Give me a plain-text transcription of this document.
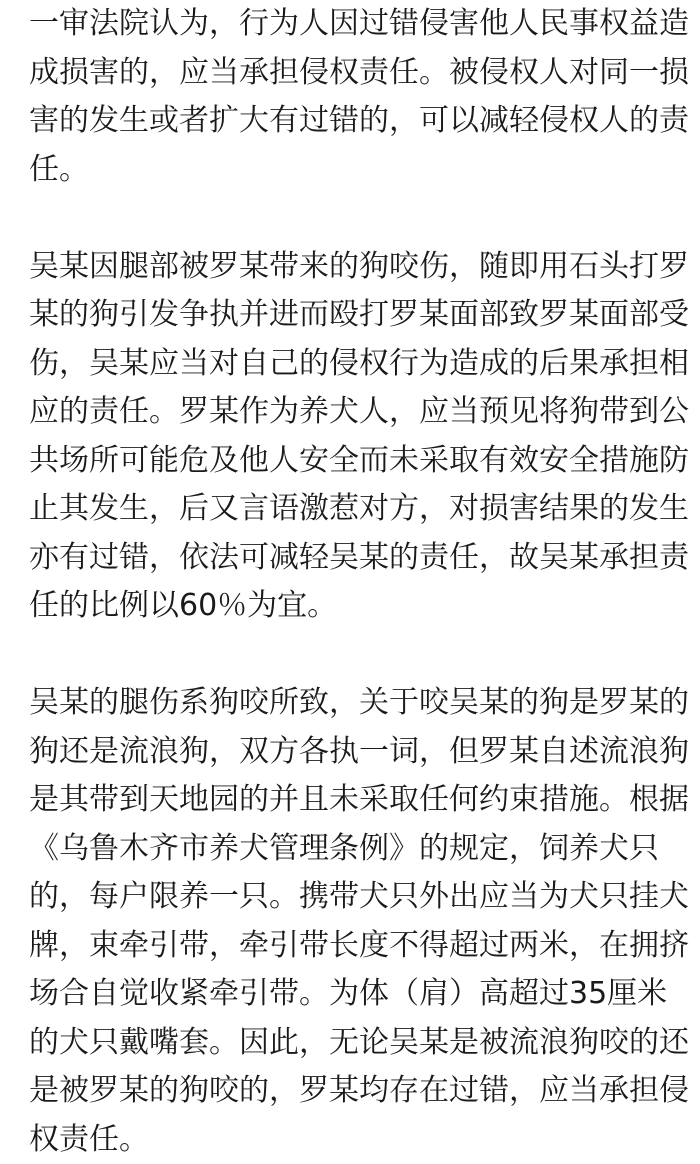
一审法院认为，行为人因过错侵害他人民事权益造
成损害的，应当承担侵权责任。被侵权人对同一损
害的发生或者扩大有过错的，可以减轻侵权人的责
任。
吴某因腿部被罗某带来的狗咬伤，随即用石头打罗
某的狗引发争执并进而殴打罗某面部致罗某面部受
伤，吴某应当对自己的侵权行为造成的后果承担相
应的责任。罗某作为养犬人，应当预见将狗带到公
共场所可能危及他人安全而未采取有效安全措施防
止其发生，后又言语激惹对方，对损害结果的发生
亦有过错，依法可减轻吴某的责任，故吴某承担责
任的比例以60％为宜。
吴某的腿伤系狗咬所致，关于咬吴某的狗是罗某的
狗还是流浪狗，双方各执一词，但罗某自述流浪狗
是其带到天地园的并且未采取任何约束措施。根据
《乌鲁木齐市养犬管理条例》的规定，饲养犬只
的，每户限养一只。携带犬只外出应当为犬只挂犬
牌，束牵引带，牵引带长度不得超过两米，在拥挤
场合自觉收紧牵引带。为体（肩）高超过35厘米
的犬只戴嘴套。因此，无论吴某是被流浪狗咬的还
是被罗某的狗咬的，罗某均存在过错，应当承担侵
权责任。
